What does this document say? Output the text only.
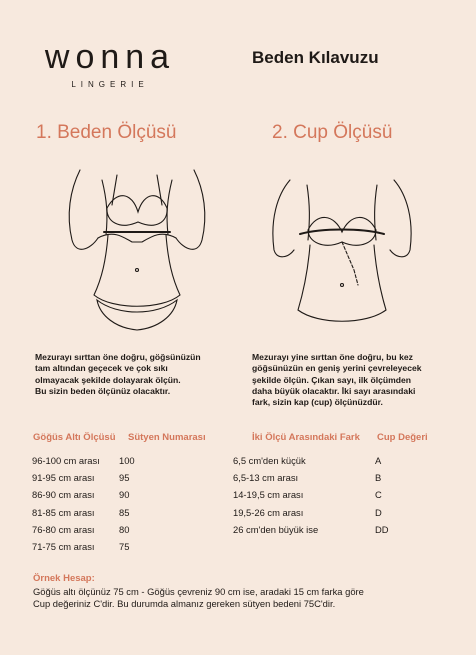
wonna
LINGERIE
Beden Kılavuzu
1. Beden Ölçüsü	2. Cup Ölçüsü
Mezurayı sırttan öne doğru, göğsünüzün
tam altından geçecek ve çok sıkı
olmayacak şekilde dolayarak ölçün.
Bu sizin beden ölçünüz olacaktır.
Mezurayı yine sırttan öne doğru, bu kez
göğsünüzün en geniş yerini çevreleyecek
şekilde ölçün. Çıkan sayı, ilk ölçümden
daha büyük olacaktır. İki sayı arasındaki
fark, sizin kap (cup) ölçünüzdür.
Göğüs Altı Ölçüsü Sütyen Numarası	İki Ölçü Arasındaki Fark Cup Değeri
96-100 cm arası
91-95 cm arası
86-90 cm arası
81-85 cm arası
76-80 cm arası
71-75 cm arası
100
95
90
85
80
75
6,5 cm'den küçük
6,5-13 cm arası
14-19,5 cm arası
19,5-26 cm arası
26 cm'den büyük ise
A
B
C
D
DD
Örnek Hesap:
Göğüs altı ölçünüz 75 cm - Göğüs çevreniz 90 cm ise, aradaki 15 cm farka göre
Cup değeriniz C'dir. Bu durumda almanız gereken sütyen bedeni 75C'dir.
